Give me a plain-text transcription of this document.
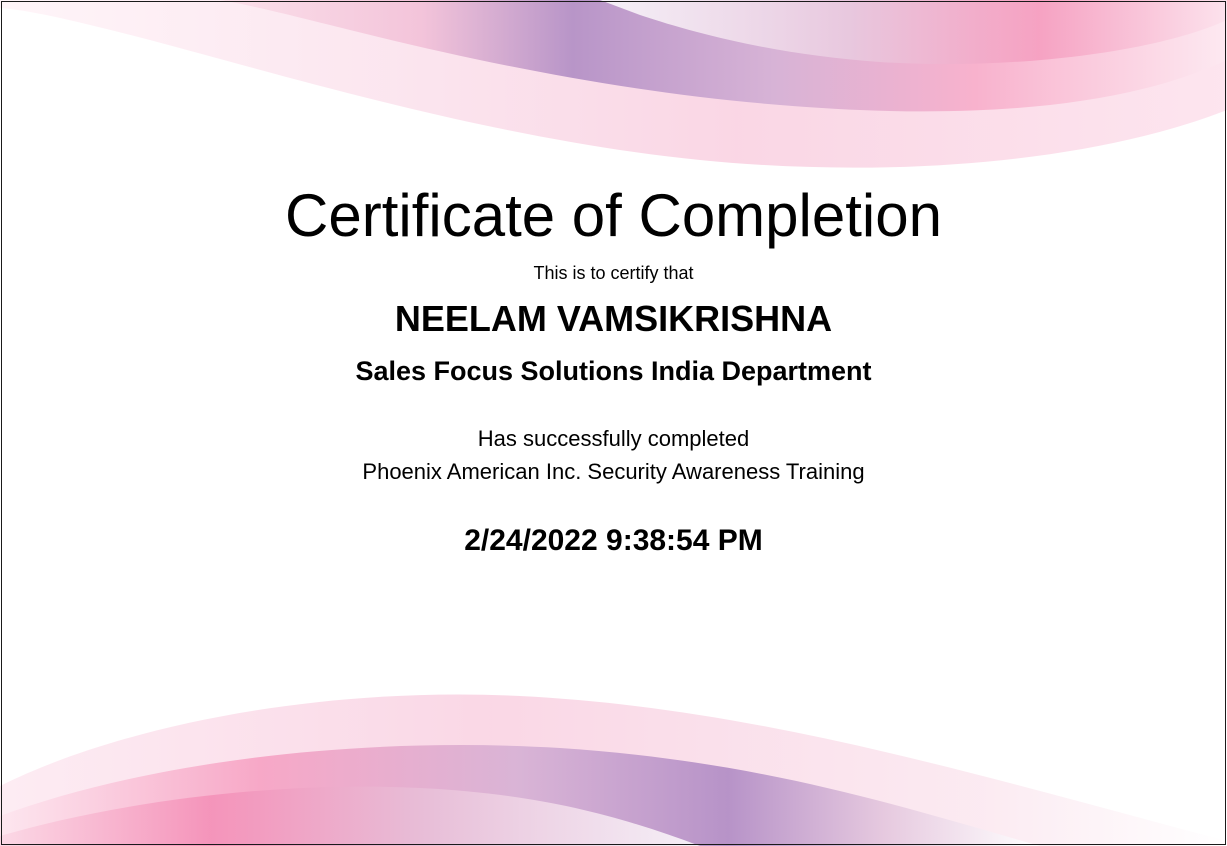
Certificate of Completion
This is to certify that
NEELAM VAMSIKRISHNA
Sales Focus Solutions India Department
Has successfully completed
Phoenix American Inc. Security Awareness Training
2/24/2022 9:38:54 PM
